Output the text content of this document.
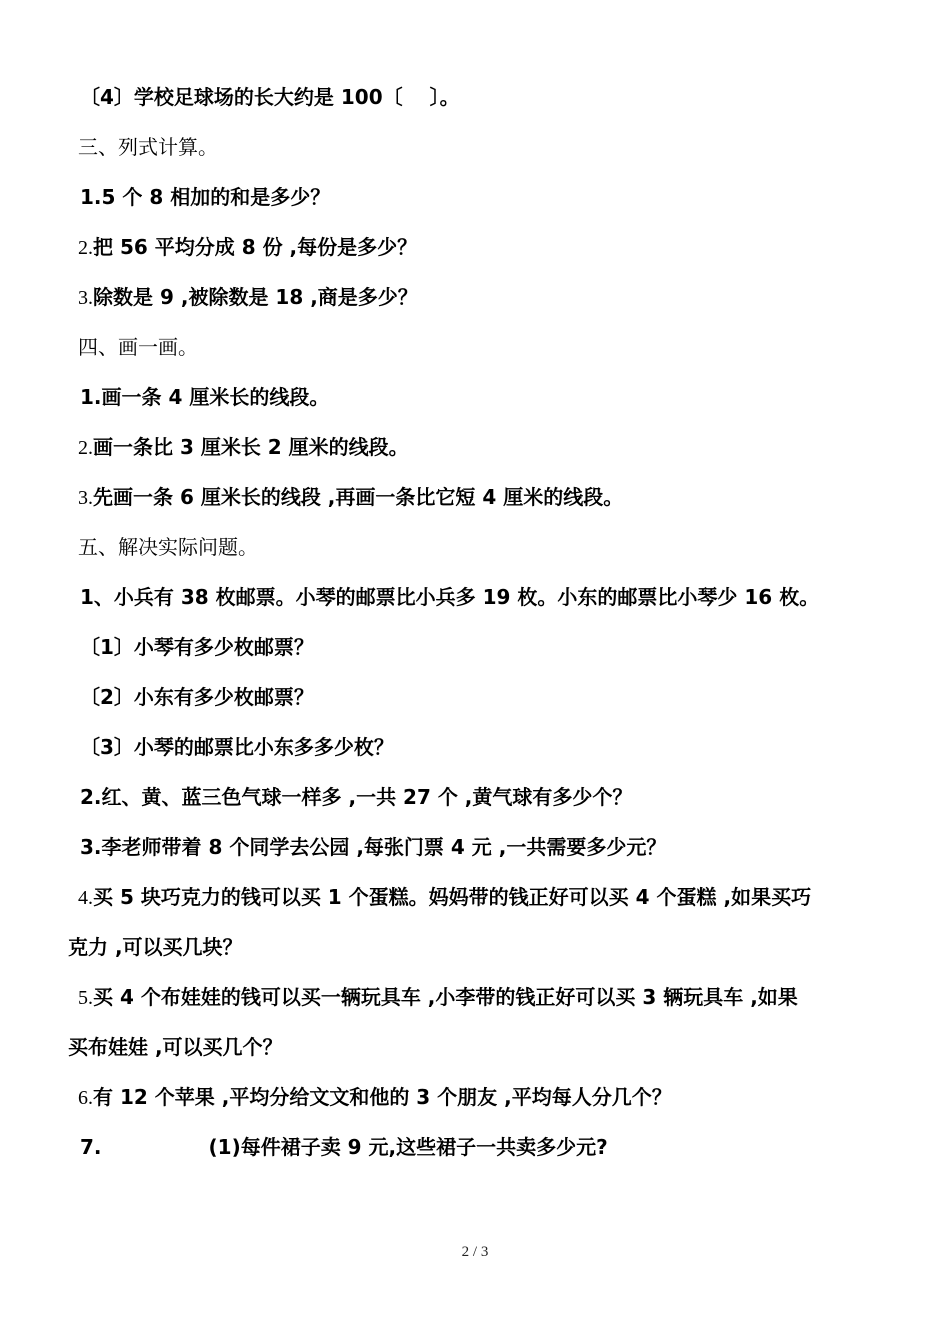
〔4〕学校足球场的长大约是 100〔　 〕。
三、列式计算。
1.5 个 8 相加的和是多少？
2.把 56 平均分成 8 份 ,每份是多少？
3.除数是 9 ,被除数是 18 ,商是多少？
四、画一画。
1.画一条 4 厘米长的线段。
2.画一条比 3 厘米长 2 厘米的线段。
3.先画一条 6 厘米长的线段 ,再画一条比它短 4 厘米的线段。
五、解决实际问题。
1、小兵有 38 枚邮票。小琴的邮票比小兵多 19 枚。小东的邮票比小琴少 16 枚。
〔1〕小琴有多少枚邮票？
〔2〕小东有多少枚邮票？
〔3〕小琴的邮票比小东多多少枚？
2.红、黄、蓝三色气球一样多 ,一共 27 个 ,黄气球有多少个？
3.李老师带着 8 个同学去公园 ,每张门票 4 元 ,一共需要多少元？
4.买 5 块巧克力的钱可以买 1 个蛋糕。妈妈带的钱正好可以买 4 个蛋糕 ,如果买巧
克力 ,可以买几块？
5.买 4 个布娃娃的钱可以买一辆玩具车 ,小李带的钱正好可以买 3 辆玩具车 ,如果
买布娃娃 ,可以买几个？
6.有 12 个苹果 ,平均分给文文和他的 3 个朋友 ,平均每人分几个？
7.	(1)每件裙子卖 9 元,这些裙子一共卖多少元?
2 / 3
